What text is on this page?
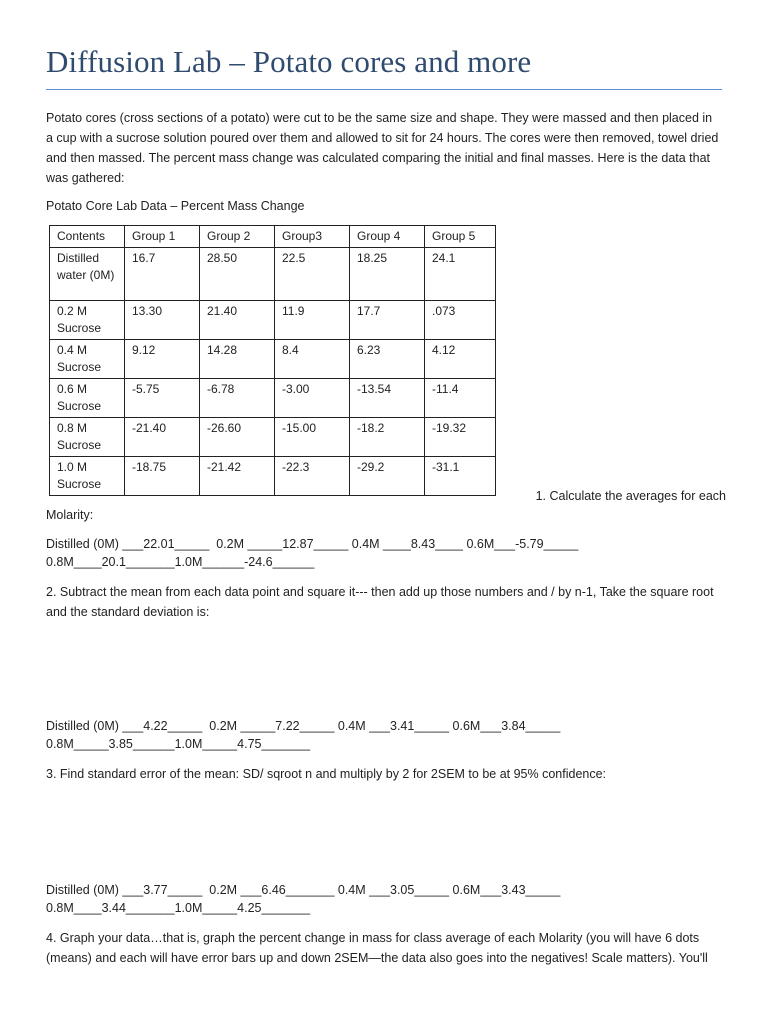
Diffusion Lab – Potato cores and more

Potato cores (cross sections of a potato) were cut to be the same size and shape. They were massed and then placed in a cup with a sucrose solution poured over them and allowed to sit for 24 hours. The cores were then removed, towel dried and then massed. The percent mass change was calculated comparing the initial and final masses. Here is the data that was gathered:

Potato Core Lab Data – Percent Mass Change

Contents	Group 1	Group 2	Group3	Group 4	Group 5
Distilled water (0M)	16.7	28.50	22.5	18.25	24.1
0.2 M Sucrose	13.30	21.40	11.9	17.7	.073
0.4 M Sucrose	9.12	14.28	8.4	6.23	4.12
0.6 M Sucrose	-5.75	-6.78	-3.00	-13.54	-11.4
0.8 M Sucrose	-21.40	-26.60	-15.00	-18.2	-19.32
1.0 M Sucrose	-18.75	-21.42	-22.3	-29.2	-31.1

1. Calculate the averages for each

Molarity:

Distilled (0M) ___22.01_____  0.2M _____12.87_____ 0.4M ____8.43____ 0.6M___-5.79_____
0.8M____20.1_______1.0M______-24.6______

2. Subtract the mean from each data point and square it--- then add up those numbers and / by n-1, Take the square root and the standard deviation is:

Distilled (0M) ___4.22_____  0.2M _____7.22_____ 0.4M ___3.41_____ 0.6M___3.84_____
0.8M_____3.85______1.0M_____4.75_______

3. Find standard error of the mean: SD/ sqroot n and multiply by 2 for 2SEM to be at 95% confidence:

Distilled (0M) ___3.77_____  0.2M ___6.46_______ 0.4M ___3.05_____ 0.6M___3.43_____
0.8M____3.44_______1.0M_____4.25_______

4. Graph your data…that is, graph the percent change in mass for class average of each Molarity (you will have 6 dots (means) and each will have error bars up and down 2SEM—the data also goes into the negatives! Scale matters). You'll
